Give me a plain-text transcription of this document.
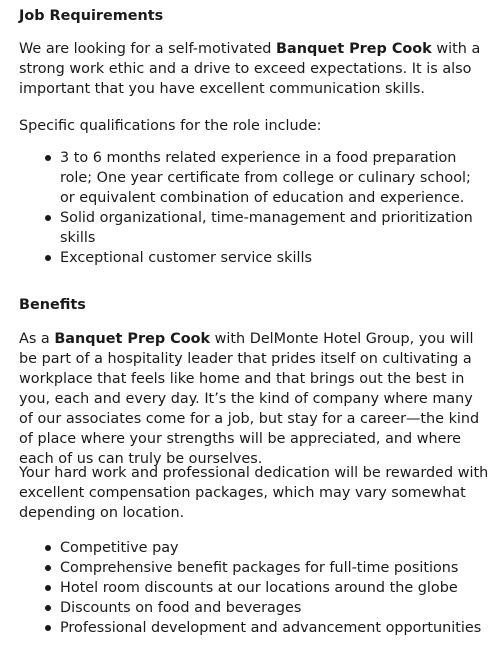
Job Requirements

We are looking for a self-motivated Banquet Prep Cook with a strong work ethic and a drive to exceed expectations. It is also important that you have excellent communication skills.

Specific qualifications for the role include:

3 to 6 months related experience in a food preparation role; One year certificate from college or culinary school; or equivalent combination of education and experience.
Solid organizational, time-management and prioritization skills
Exceptional customer service skills
Benefits

As a Banquet Prep Cook with DelMonte Hotel Group, you will be part of a hospitality leader that prides itself on cultivating a workplace that feels like home and that brings out the best in you, each and every day. It’s the kind of company where many of our associates come for a job, but stay for a career—the kind of place where your strengths will be appreciated, and where each of us can truly be ourselves.

Your hard work and professional dedication will be rewarded with excellent compensation packages, which may vary somewhat depending on location.

Competitive pay
Comprehensive benefit packages for full-time positions
Hotel room discounts at our locations around the globe
Discounts on food and beverages
Professional development and advancement opportunities
